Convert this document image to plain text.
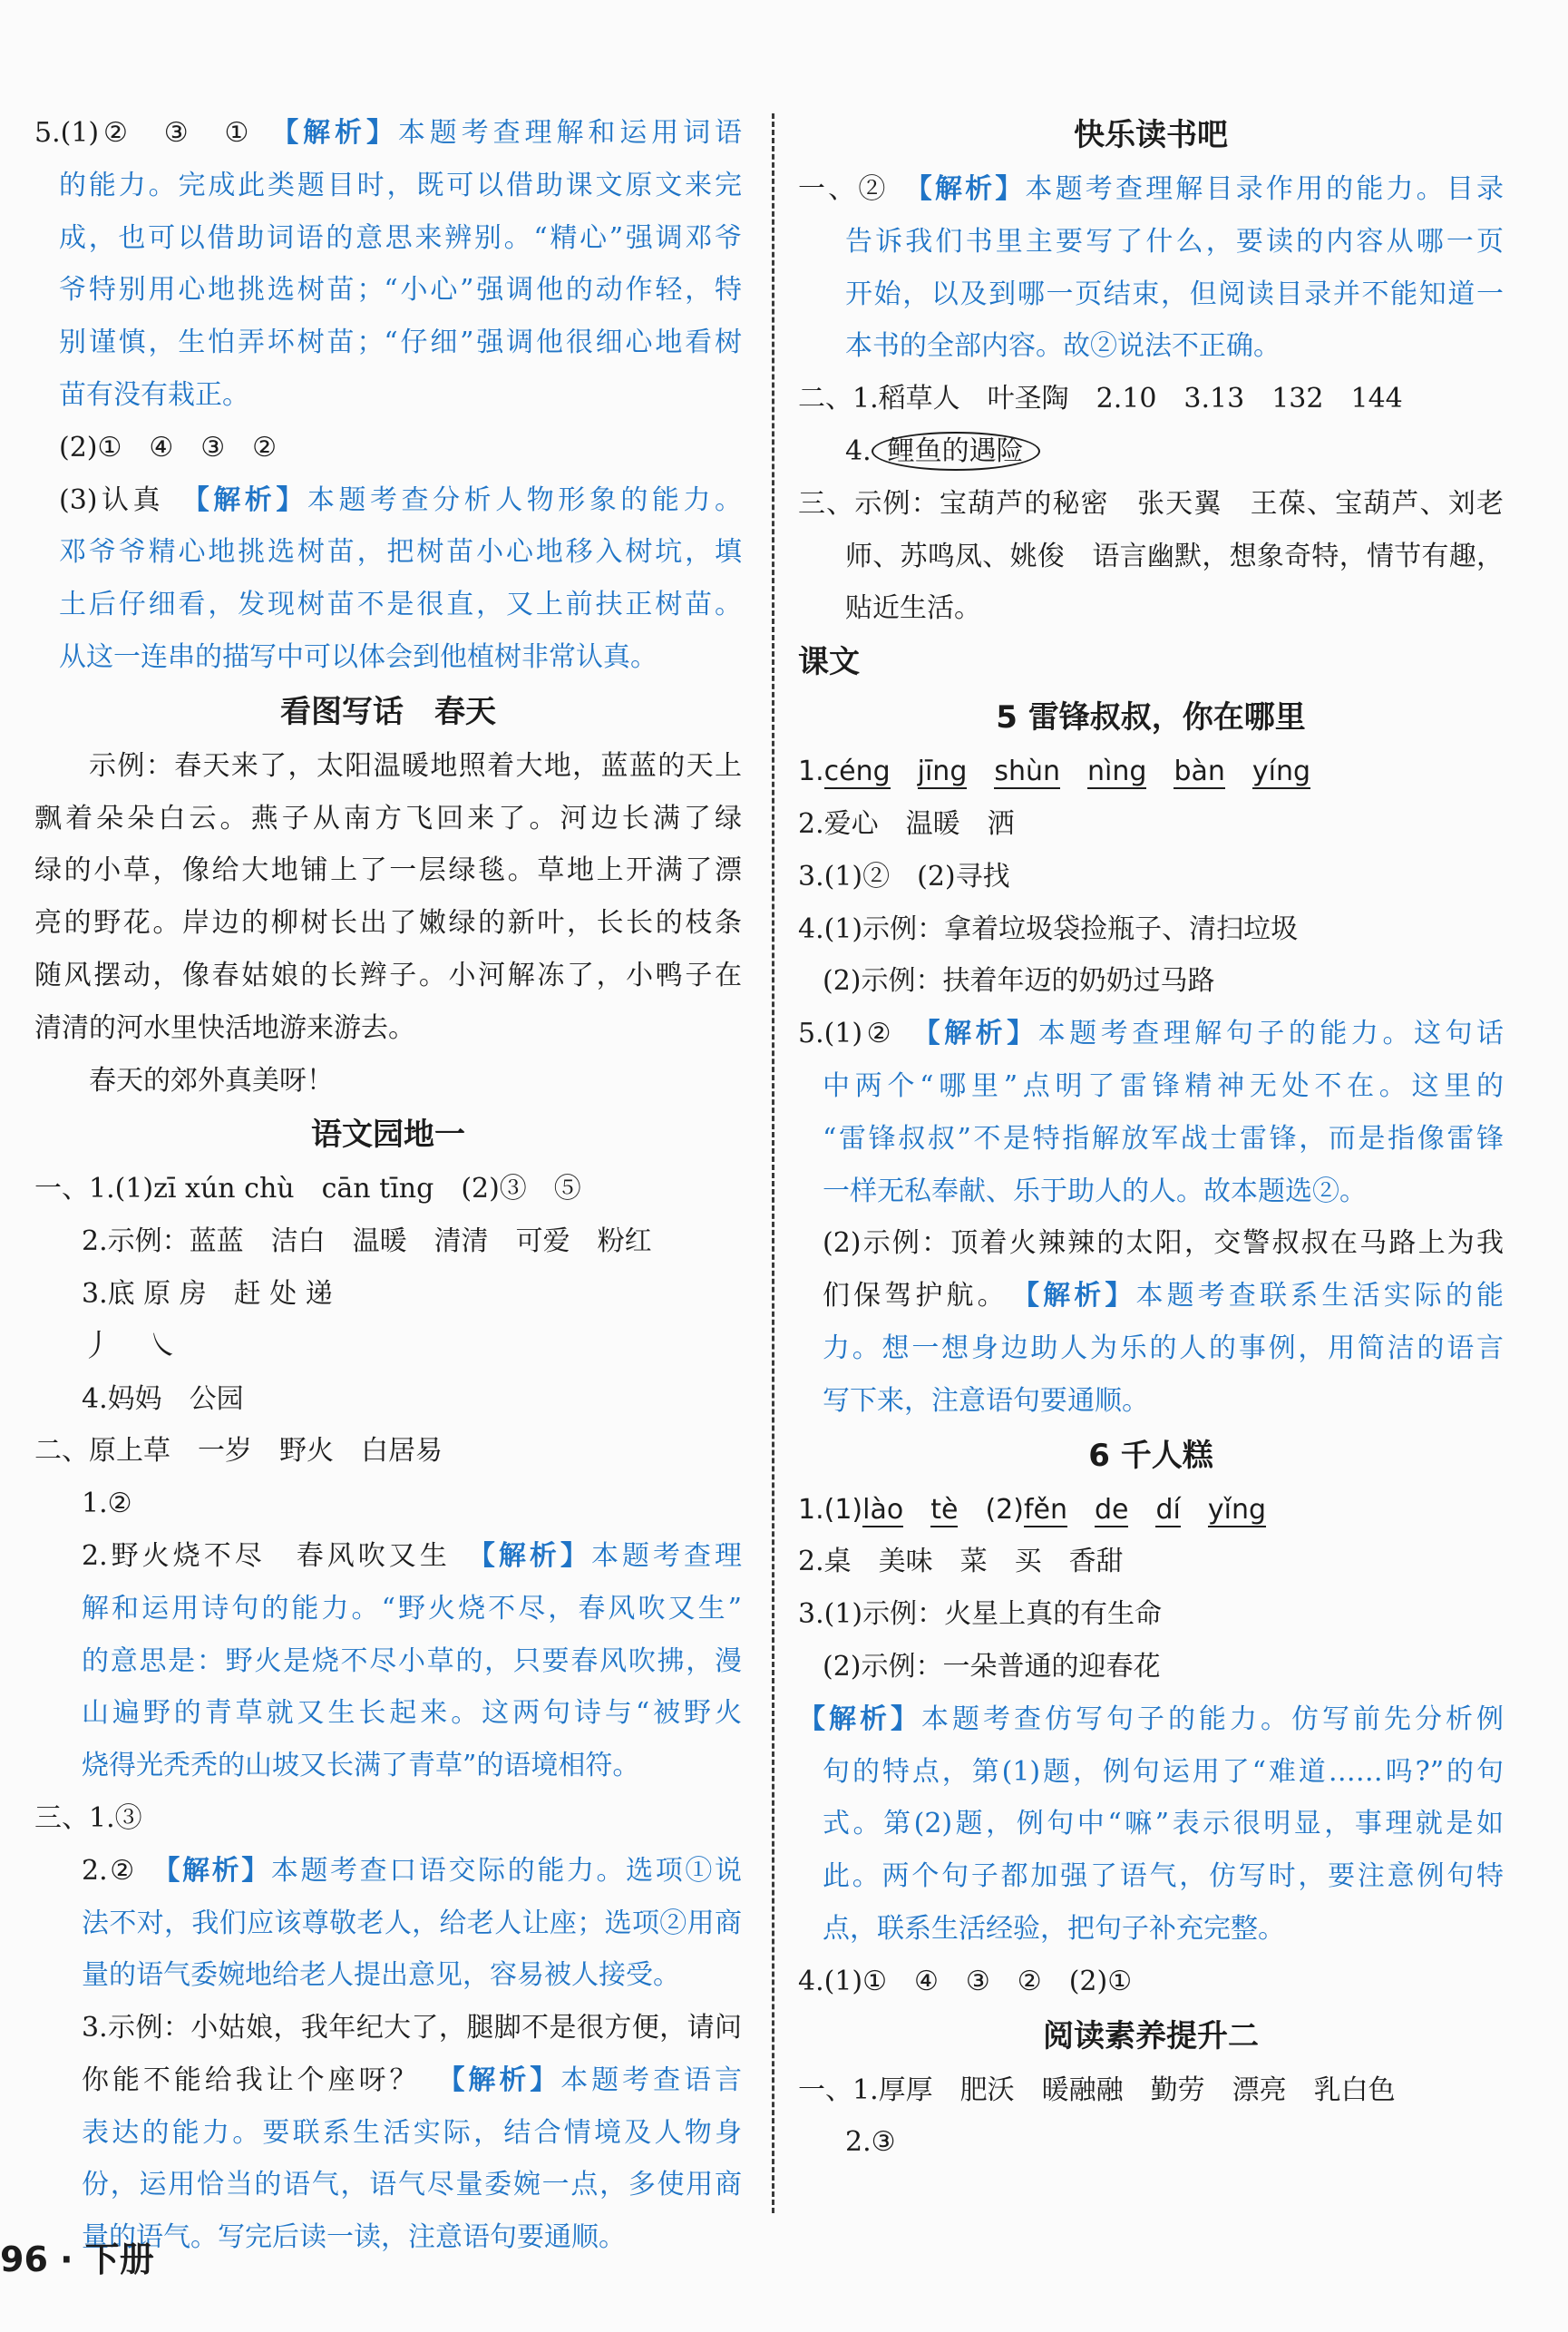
5.(1)②　③　①　 【解析】本题考查理解和运用词语
的能力。完成此类题目时，既可以借助课文原文来完
成，也可以借助词语的意思来辨别。“精心”强调邓爷
爷特别用心地挑选树苗；“小心”强调他的动作轻，特
别谨慎，生怕弄坏树苗；“仔细”强调他很细心地看树
苗有没有栽正。
(2)①　④　③　②
(3)认真　 【解析】本题考查分析人物形象的能力。
邓爷爷精心地挑选树苗，把树苗小心地移入树坑，填
土后仔细看，发现树苗不是很直，又上前扶正树苗。
从这一连串的描写中可以体会到他植树非常认真。
看图写话　春天
示例：春天来了，太阳温暖地照着大地，蓝蓝的天上
飘着朵朵白云。燕子从南方飞回来了。河边长满了绿
绿的小草，像给大地铺上了一层绿毯。草地上开满了漂
亮的野花。岸边的柳树长出了嫩绿的新叶，长长的枝条
随风摆动，像春姑娘的长辫子。小河解冻了，小鸭子在
清清的河水里快活地游来游去。
春天的郊外真美呀！
语文园地一
一、1.(1)zī xún chù　cān tīng　(2)③　⑤
2.示例：蓝蓝　洁白　温暖　清清　可爱　粉红
3.底 原 房　赶 处 递
丿 ㇏
4.妈妈　公园
二、原上草　一岁　野火　白居易
1.②
2.野火烧不尽　春风吹又生　 【解析】本题考查理
解和运用诗句的能力。“野火烧不尽，春风吹又生”
的意思是：野火是烧不尽小草的，只要春风吹拂，漫
山遍野的青草就又生长起来。这两句诗与“被野火
烧得光秃秃的山坡又长满了青草”的语境相符。
三、1.③
2.②　 【解析】本题考查口语交际的能力。选项①说
法不对，我们应该尊敬老人，给老人让座；选项②用商
量的语气委婉地给老人提出意见，容易被人接受。
3.示例：小姑娘，我年纪大了，腿脚不是很方便，请问
你能不能给我让个座呀？　 【解析】本题考查语言
表达的能力。要联系生活实际，结合情境及人物身
份，运用恰当的语气，语气尽量委婉一点，多使用商
量的语气。写完后读一读，注意语句要通顺。
快乐读书吧
一、②　 【解析】本题考查理解目录作用的能力。目录
告诉我们书里主要写了什么，要读的内容从哪一页
开始，以及到哪一页结束，但阅读目录并不能知道一
本书的全部内容。故②说法不正确。
二、1.稻草人　叶圣陶　2.10　3.13　132　144
4. 鲤鱼的遇险
三、示例：宝葫芦的秘密　张天翼　王葆、宝葫芦、刘老
师、苏鸣凤、姚俊　语言幽默，想象奇特，情节有趣，
贴近生活。
课文
5 雷锋叔叔，你在哪里
1.céng jīng shùn nìng bàn yíng
2.爱心　温暖　洒
3.(1)②　(2)寻找
4.(1)示例：拿着垃圾袋捡瓶子、清扫垃圾
(2)示例：扶着年迈的奶奶过马路
5.(1)②　 【解析】本题考查理解句子的能力。这句话
中两个“哪里”点明了雷锋精神无处不在。这里的
“雷锋叔叔”不是特指解放军战士雷锋，而是指像雷锋
一样无私奉献、乐于助人的人。故本题选②。
(2)示例：顶着火辣辣的太阳，交警叔叔在马路上为我
们保驾护航。　 【解析】本题考查联系生活实际的能
力。想一想身边助人为乐的人的事例，用简洁的语言
写下来，注意语句要通顺。
6 千人糕
1.(1)lào tè (2)fěn de dí yǐng
2.桌　美味　菜　买　香甜
3.(1)示例：火星上真的有生命
(2)示例：一朵普通的迎春花
【解析】本题考查仿写句子的能力。仿写前先分析例
句的特点，第(1)题，例句运用了“难道……吗?”的句
式。第(2)题，例句中“嘛”表示很明显，事理就是如
此。两个句子都加强了语气，仿写时，要注意例句特
点，联系生活经验，把句子补充完整。
4.(1)①　④　③　②　(2)①
阅读素养提升二
一、1.厚厚　肥沃　暖融融　勤劳　漂亮　乳白色
2.③
96 · 下册
